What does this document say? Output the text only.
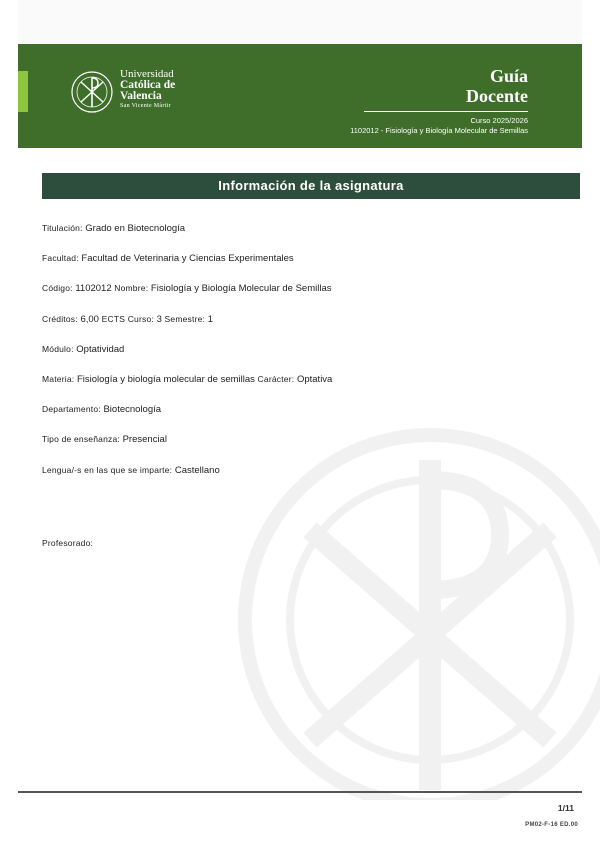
Universidad
Católica de
Valencia
San Vicente Mártir
Guía
Docente
Curso 2025/2026
1102012 - Fisiología y Biología Molecular de Semillas
Información de la asignatura
Titulación: Grado en Biotecnología
Facultad: Facultad de Veterinaria y Ciencias Experimentales
Código: 1102012 Nombre: Fisiología y Biología Molecular de Semillas
Créditos: 6,00 ECTS Curso: 3 Semestre: 1
Módulo: Optatividad
Materia: Fisiología y biología molecular de semillas Carácter: Optativa
Departamento: Biotecnología
Tipo de enseñanza: Presencial
Lengua/-s en las que se imparte: Castellano
Profesorado:
1/11
PM02-F-16 ED.00
